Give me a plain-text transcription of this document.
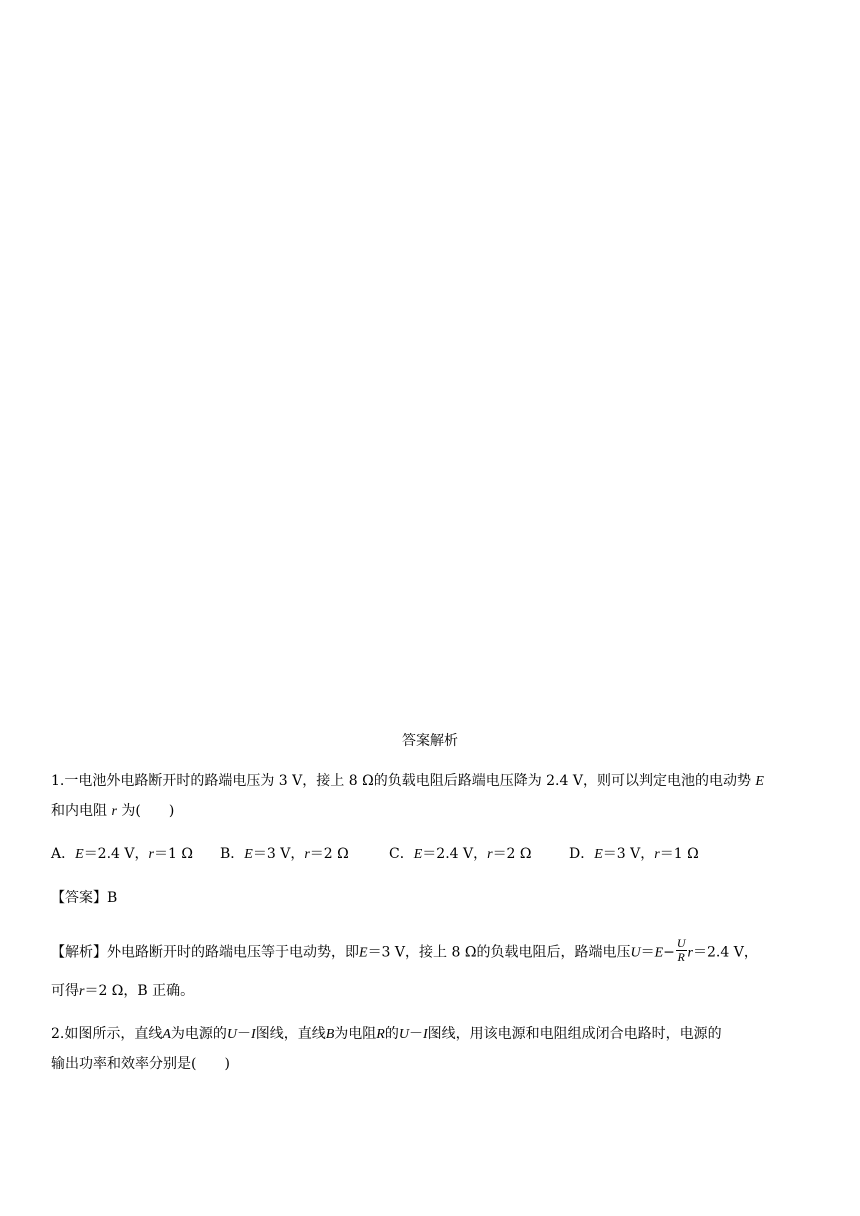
答案解析
1.一电池外电路断开时的路端电压为 3 V，接上 8 Ω的负载电阻后路端电压降为 2.4 V，则可以判定电池的电动势 E
和内电阻 r 为(　　)
A．E＝2.4 V，r＝1 Ω B．E＝3 V，r＝2 Ω	C．E＝2.4 V，r＝2 Ω	D．E＝3 V，r＝1 Ω
【答案】B
【解析】外电路断开时的路端电压等于电动势，即E＝3 V，接上 8 Ω的负载电阻后，路端电压$U=E- \frac{U}{R} r=2.4$ V，
可得r＝2 Ω，B 正确。
2.如图所示，直线A为电源的U－I图线，直线B为电阻R的U－I图线，用该电源和电阻组成闭合电路时，电源的
输出功率和效率分别是(　　)
